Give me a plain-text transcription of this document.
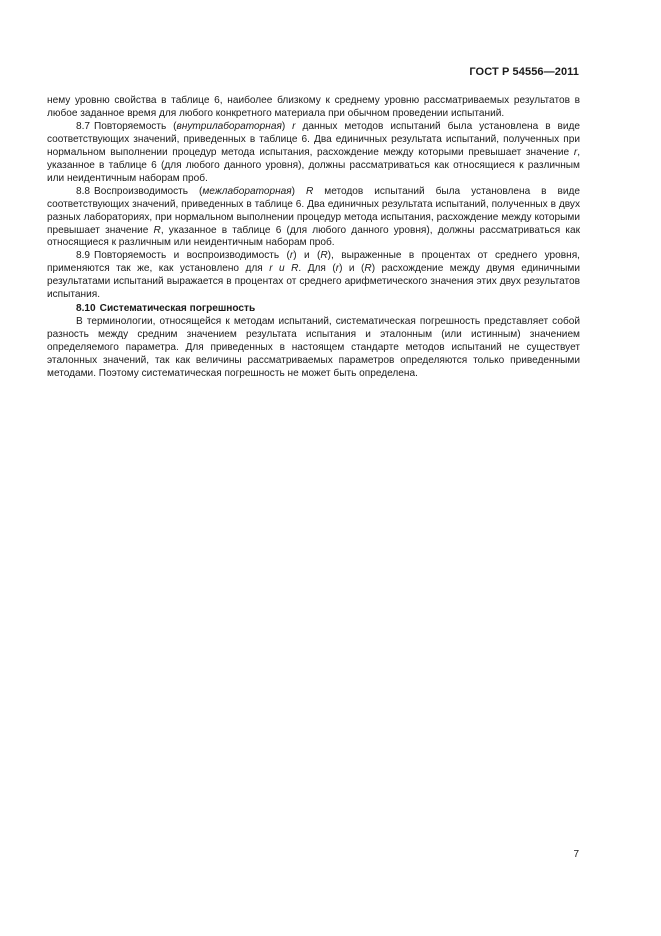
ГОСТ Р 54556—2011

нему уровню свойства в таблице 6, наиболее близкому к среднему уровню рассматриваемых результатов в любое заданное время для любого конкретного материала при обычном проведении испытаний.

8.7 Повторяемость (внутрилабораторная) r данных методов испытаний была установлена в виде соответствующих значений, приведенных в таблице 6. Два единичных результата испытаний, полученных при нормальном выполнении процедур метода испытания, расхождение между которыми превышает значение r, указанное в таблице 6 (для любого данного уровня), должны рассматриваться как относящиеся к различным или неидентичным наборам проб.

8.8 Воспроизводимость (межлабораторная) R методов испытаний была установлена в виде соответствующих значений, приведенных в таблице 6. Два единичных результата испытаний, полученных в двух разных лабораториях, при нормальном выполнении процедур метода испытания, расхождение между которыми превышает значение R, указанное в таблице 6 (для любого данного уровня), должны рассматриваться как относящиеся к различным или неидентичным наборам проб.

8.9 Повторяемость и воспроизводимость (r) и (R), выраженные в процентах от среднего уровня, применяются так же, как установлено для r и R. Для (r) и (R) расхождение между двумя единичными результатами испытаний выражается в процентах от среднего арифметического значения этих двух результатов испытания.

8.10 Систематическая погрешность

В терминологии, относящейся к методам испытаний, систематическая погрешность представляет собой разность между средним значением результата испытания и эталонным (или истинным) значением определяемого параметра. Для приведенных в настоящем стандарте методов испытаний не существует эталонных значений, так как величины рассматриваемых параметров определяются только приведенными методами. Поэтому систематическая погрешность не может быть определена.

7
